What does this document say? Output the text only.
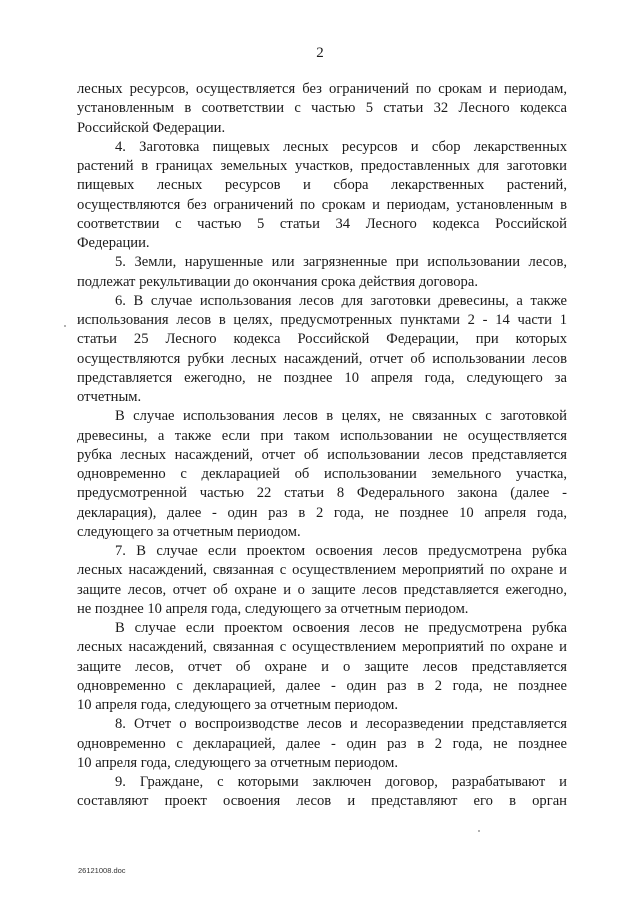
2
лесных ресурсов, осуществляется без ограничений по срокам и периодам,
установленным в соответствии с частью 5 статьи 32 Лесного кодекса
Российской Федерации.
4. Заготовка пищевых лесных ресурсов и сбор лекарственных
растений в границах земельных участков, предоставленных для заготовки
пищевых лесных ресурсов и сбора лекарственных растений,
осуществляются без ограничений по срокам и периодам, установленным в
соответствии с частью 5 статьи 34 Лесного кодекса Российской
Федерации.
5. Земли, нарушенные или загрязненные при использовании лесов,
подлежат рекультивации до окончания срока действия договора.
6. В случае использования лесов для заготовки древесины, а также
использования лесов в целях, предусмотренных пунктами 2 - 14 части 1
статьи 25 Лесного кодекса Российской Федерации, при которых
осуществляются рубки лесных насаждений, отчет об использовании лесов
представляется ежегодно, не позднее 10 апреля года, следующего за
отчетным.
В случае использования лесов в целях, не связанных с заготовкой
древесины, а также если при таком использовании не осуществляется
рубка лесных насаждений, отчет об использовании лесов представляется
одновременно с декларацией об использовании земельного участка,
предусмотренной частью 22 статьи 8 Федерального закона (далее -
декларация), далее - один раз в 2 года, не позднее 10 апреля года,
следующего за отчетным периодом.
7. В случае если проектом освоения лесов предусмотрена рубка
лесных насаждений, связанная с осуществлением мероприятий по охране и
защите лесов, отчет об охране и о защите лесов представляется ежегодно,
не позднее 10 апреля года, следующего за отчетным периодом.
В случае если проектом освоения лесов не предусмотрена рубка
лесных насаждений, связанная с осуществлением мероприятий по охране и
защите лесов, отчет об охране и о защите лесов представляется
одновременно с декларацией, далее - один раз в 2 года, не позднее
10 апреля года, следующего за отчетным периодом.
8. Отчет о воспроизводстве лесов и лесоразведении представляется
одновременно с декларацией, далее - один раз в 2 года, не позднее
10 апреля года, следующего за отчетным периодом.
9. Граждане, с которыми заключен договор, разрабатывают и
составляют проект освоения лесов и представляют его в орган
26121008.doc
